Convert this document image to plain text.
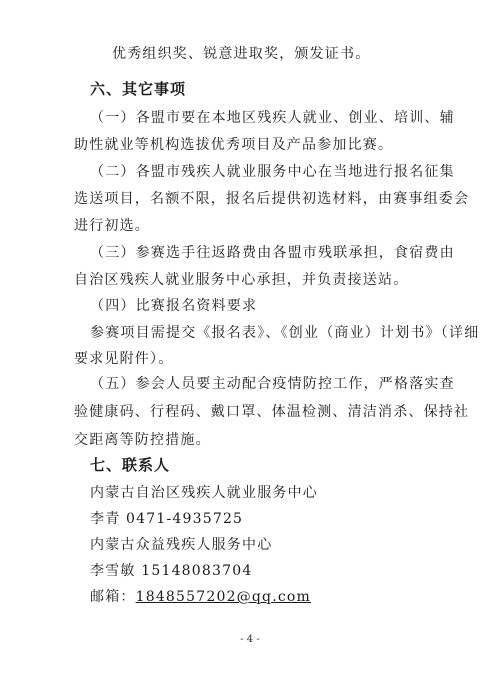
优秀组织奖、锐意进取奖，颁发证书。
六、其它事项
（一）各盟市要在本地区残疾人就业、创业、培训、辅
助性就业等机构选拔优秀项目及产品参加比赛。
（二）各盟市残疾人就业服务中心在当地进行报名征集
选送项目，名额不限，报名后提供初选材料，由赛事组委会
进行初选。
（三）参赛选手往返路费由各盟市残联承担，食宿费由
自治区残疾人就业服务中心承担，并负责接送站。
（四）比赛报名资料要求
参赛项目需提交《报名表》、《创业（商业）计划书》（详细
要求见附件）。
（五）参会人员要主动配合疫情防控工作，严格落实查
验健康码、行程码、戴口罩、体温检测、清洁消杀、保持社
交距离等防控措施。
七、联系人
内蒙古自治区残疾人就业服务中心
李青 0471-4935725
内蒙古众益残疾人服务中心
李雪敏 15148083704
邮箱：1848557202@qq.com
- 4 -
